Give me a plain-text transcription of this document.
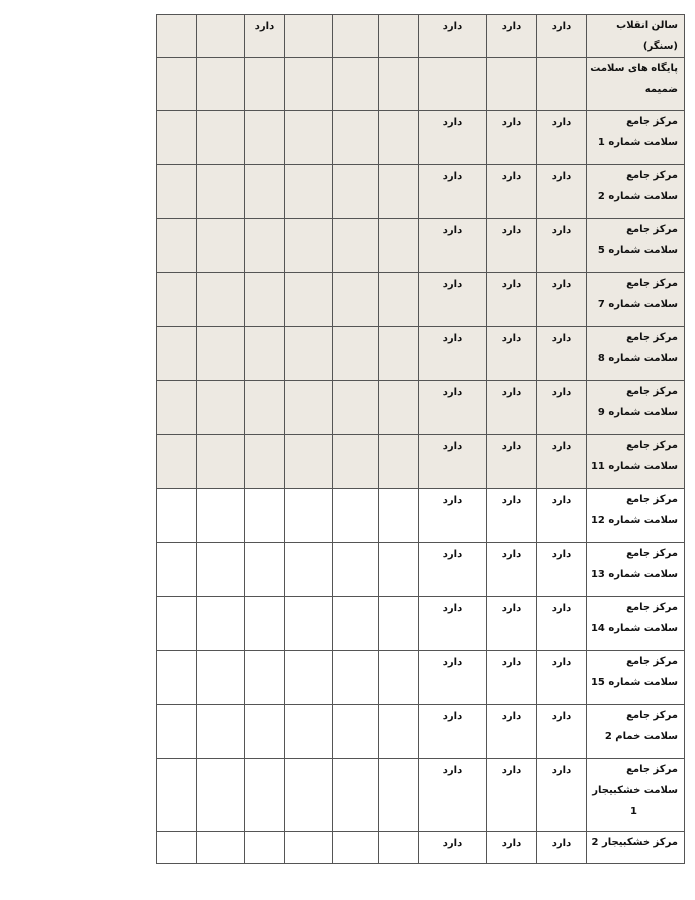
سالن انقلاب (سنگر)	دارد	دارد	دارد				دارد		

پایگاه های سلامت
ضمیمه									

مرکز جامع
سلامت شماره 1	دارد	دارد	دارد						

مرکز جامع
سلامت شماره 2	دارد	دارد	دارد						

مرکز جامع
سلامت شماره 5	دارد	دارد	دارد						

مرکز جامع
سلامت شماره 7	دارد	دارد	دارد						

مرکز جامع
سلامت شماره 8	دارد	دارد	دارد						

مرکز جامع
سلامت شماره 9	دارد	دارد	دارد						

مرکز جامع
سلامت شماره 11	دارد	دارد	دارد						

مرکز جامع
سلامت شماره 12	دارد	دارد	دارد						

مرکز جامع
سلامت شماره 13	دارد	دارد	دارد						

مرکز جامع
سلامت شماره 14	دارد	دارد	دارد						

مرکز جامع
سلامت شماره 15	دارد	دارد	دارد						

مرکز جامع
سلامت خمام 2	دارد	دارد	دارد						

مرکز جامع
سلامت خشکبیجار
1	دارد	دارد	دارد						

مرکز خشکبیجار 2	دارد	دارد	دارد						
